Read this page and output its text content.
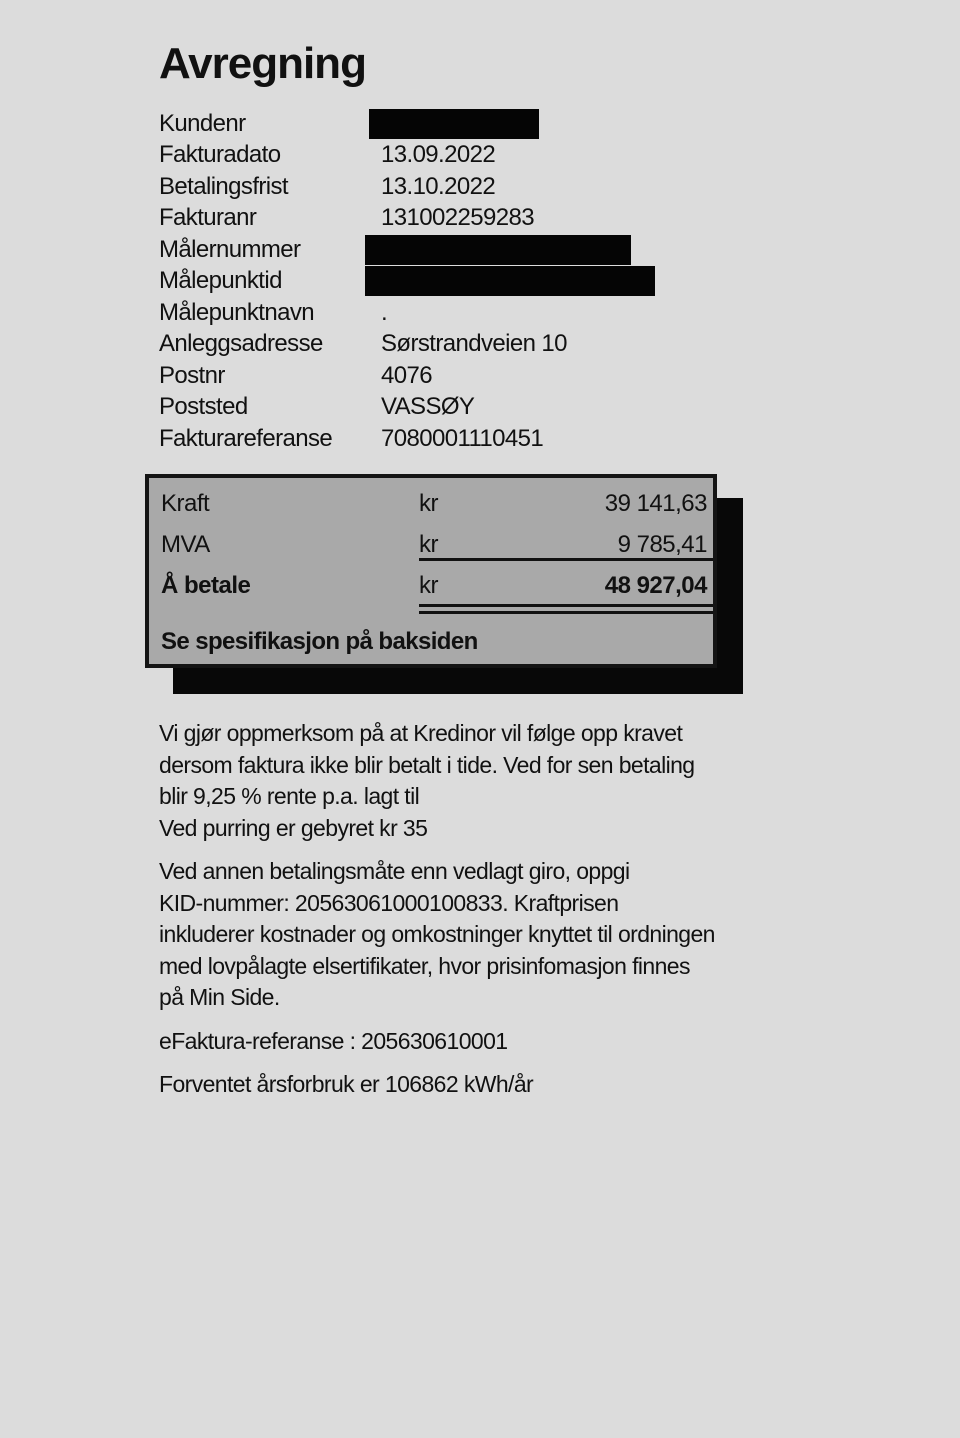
Avregning
Kundenr
Fakturadato	13.09.2022
Betalingsfrist	13.10.2022
Fakturanr	131002259283
Målernummer
Målepunktid
Målepunktnavn	.
Anleggsadresse	Sørstrandveien 10
Postnr	4076
Poststed	VASSØY
Fakturareferanse	7080001110451
Kraft	kr	39 141,63
MVA	kr	9 785,41
Å betale	kr	48 927,04
Se spesifikasjon på baksiden

Vi gjør oppmerksom på at Kredinor vil følge opp kravet

dersom faktura ikke blir betalt i tide. Ved for sen betaling

blir 9,25 % rente p.a. lagt til

Ved purring er gebyret kr 35

Ved annen betalingsmåte enn vedlagt giro, oppgi

KID-nummer: 20563061000100833. Kraftprisen

inkluderer kostnader og omkostninger knyttet til ordningen

med lovpålagte elsertifikater, hvor prisinfomasjon finnes

på Min Side.

eFaktura-referanse : 205630610001
Forventet årsforbruk er 106862 kWh/år
